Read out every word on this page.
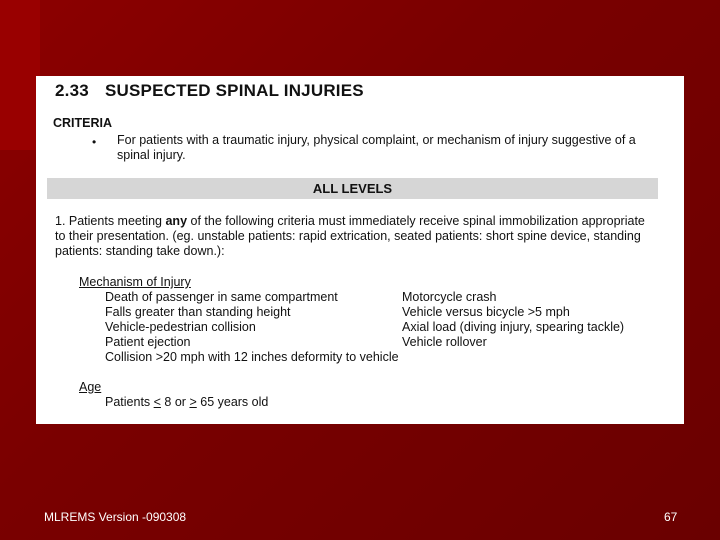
2.33 SUSPECTED SPINAL INJURIES
CRITERIA
• For patients with a traumatic injury, physical complaint, or mechanism of injury suggestive of a spinal injury.
ALL LEVELS
1. Patients meeting any of the following criteria must immediately receive spinal immobilization appropriate to their presentation. (eg. unstable patients: rapid extrication, seated patients: short spine device, standing patients: standing take down.):
Mechanism of Injury
Death of passenger in same compartment
Falls greater than standing height
Vehicle-pedestrian collision
Patient ejection
Collision >20 mph with 12 inches deformity to vehicle
Motorcycle crash
Vehicle versus bicycle >5 mph
Axial load (diving injury, spearing tackle)
Vehicle rollover
Age
Patients < 8 or > 65 years old
MLREMS Version -090308	67
